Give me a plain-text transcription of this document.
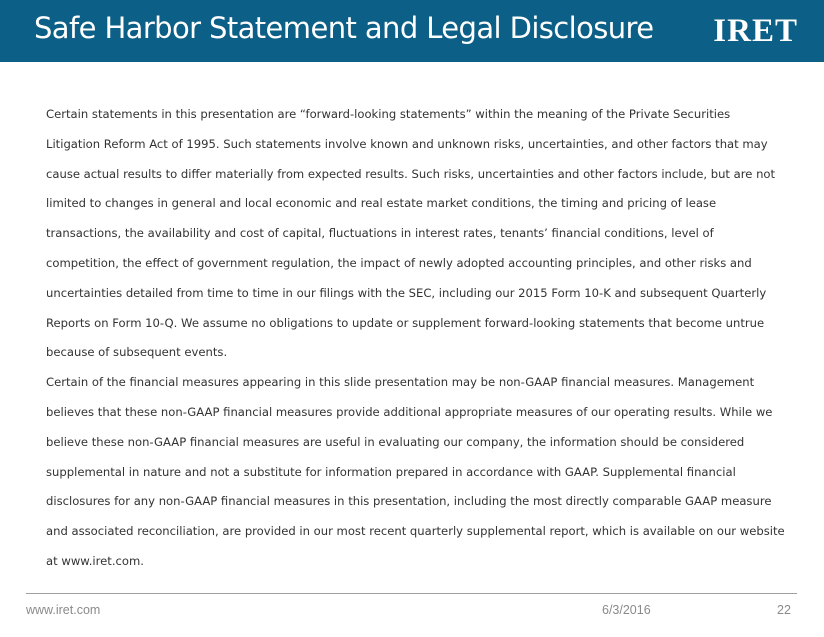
Safe Harbor Statement and Legal Disclosure IRET

Certain statements in this presentation are “forward-looking statements” within the meaning of the Private Securities Litigation Reform Act of 1995. Such statements involve known and unknown risks, uncertainties, and other factors that may cause actual results to differ materially from expected results. Such risks, uncertainties and other factors include, but are not limited to changes in general and local economic and real estate market conditions, the timing and pricing of lease transactions, the availability and cost of capital, fluctuations in interest rates, tenants’ financial conditions, level of competition, the effect of government regulation, the impact of newly adopted accounting principles, and other risks and uncertainties detailed from time to time in our filings with the SEC, including our 2015 Form 10-K and subsequent Quarterly Reports on Form 10-Q. We assume no obligations to update or supplement forward-looking statements that become untrue because of subsequent events.

Certain of the financial measures appearing in this slide presentation may be non-GAAP financial measures. Management believes that these non-GAAP financial measures provide additional appropriate measures of our operating results. While we believe these non-GAAP financial measures are useful in evaluating our company, the information should be considered supplemental in nature and not a substitute for information prepared in accordance with GAAP. Supplemental financial disclosures for any non-GAAP financial measures in this presentation, including the most directly comparable GAAP measure and associated reconciliation, are provided in our most recent quarterly supplemental report, which is available on our website at www.iret.com.

www.iret.com	6/3/2016	22
